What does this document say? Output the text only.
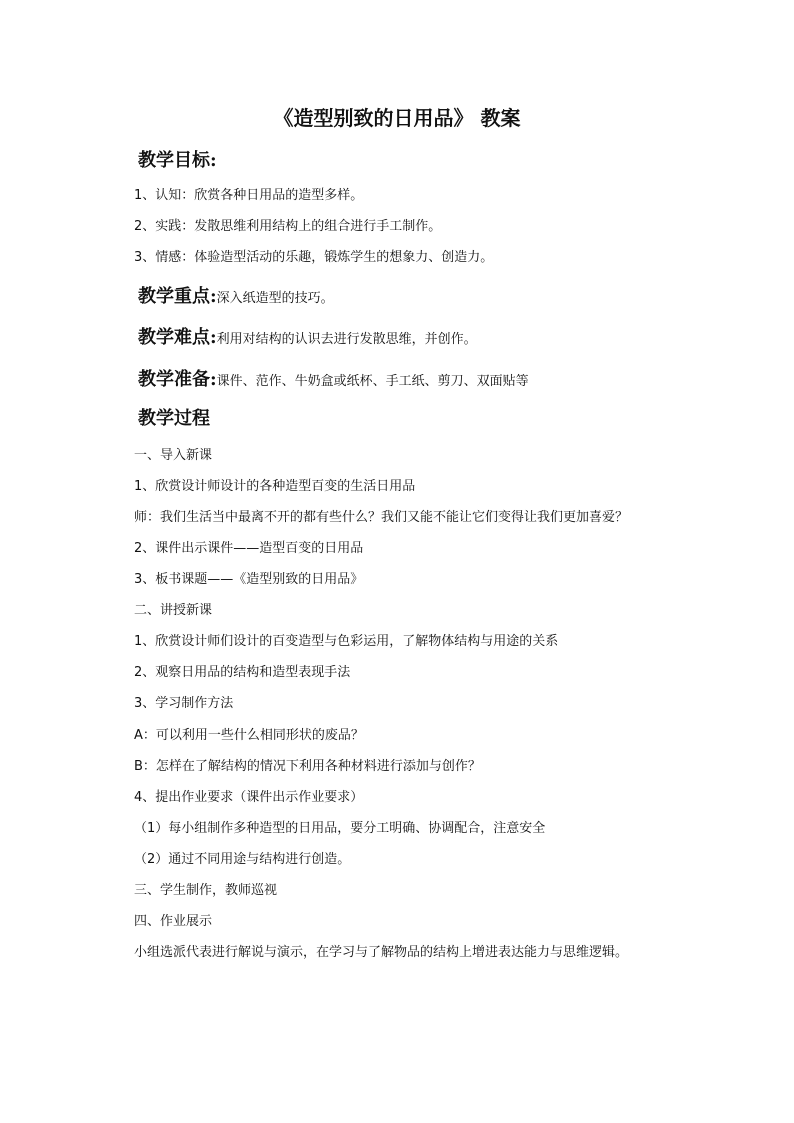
《造型别致的日用品》 教案
教学目标:
1、认知：欣赏各种日用品的造型多样。
2、实践：发散思维利用结构上的组合进行手工制作。
3、情感：体验造型活动的乐趣，锻炼学生的想象力、创造力。
教学重点:深入纸造型的技巧。
教学难点:利用对结构的认识去进行发散思维，并创作。
教学准备:课件、范作、牛奶盒或纸杯、手工纸、剪刀、双面贴等
教学过程
一、导入新课
1、欣赏设计师设计的各种造型百变的生活日用品
师：我们生活当中最离不开的都有些什么？我们又能不能让它们变得让我们更加喜爱？
2、课件出示课件——造型百变的日用品
3、板书课题——《造型别致的日用品》
二、讲授新课
1、欣赏设计师们设计的百变造型与色彩运用，了解物体结构与用途的关系
2、观察日用品的结构和造型表现手法
3、学习制作方法
A：可以利用一些什么相同形状的废品？
B：怎样在了解结构的情况下利用各种材料进行添加与创作？
4、提出作业要求（课件出示作业要求）
（1）每小组制作多种造型的日用品，要分工明确、协调配合，注意安全
（2）通过不同用途与结构进行创造。
三、学生制作，教师巡视
四、作业展示
小组选派代表进行解说与演示，在学习与了解物品的结构上增进表达能力与思维逻辑。
